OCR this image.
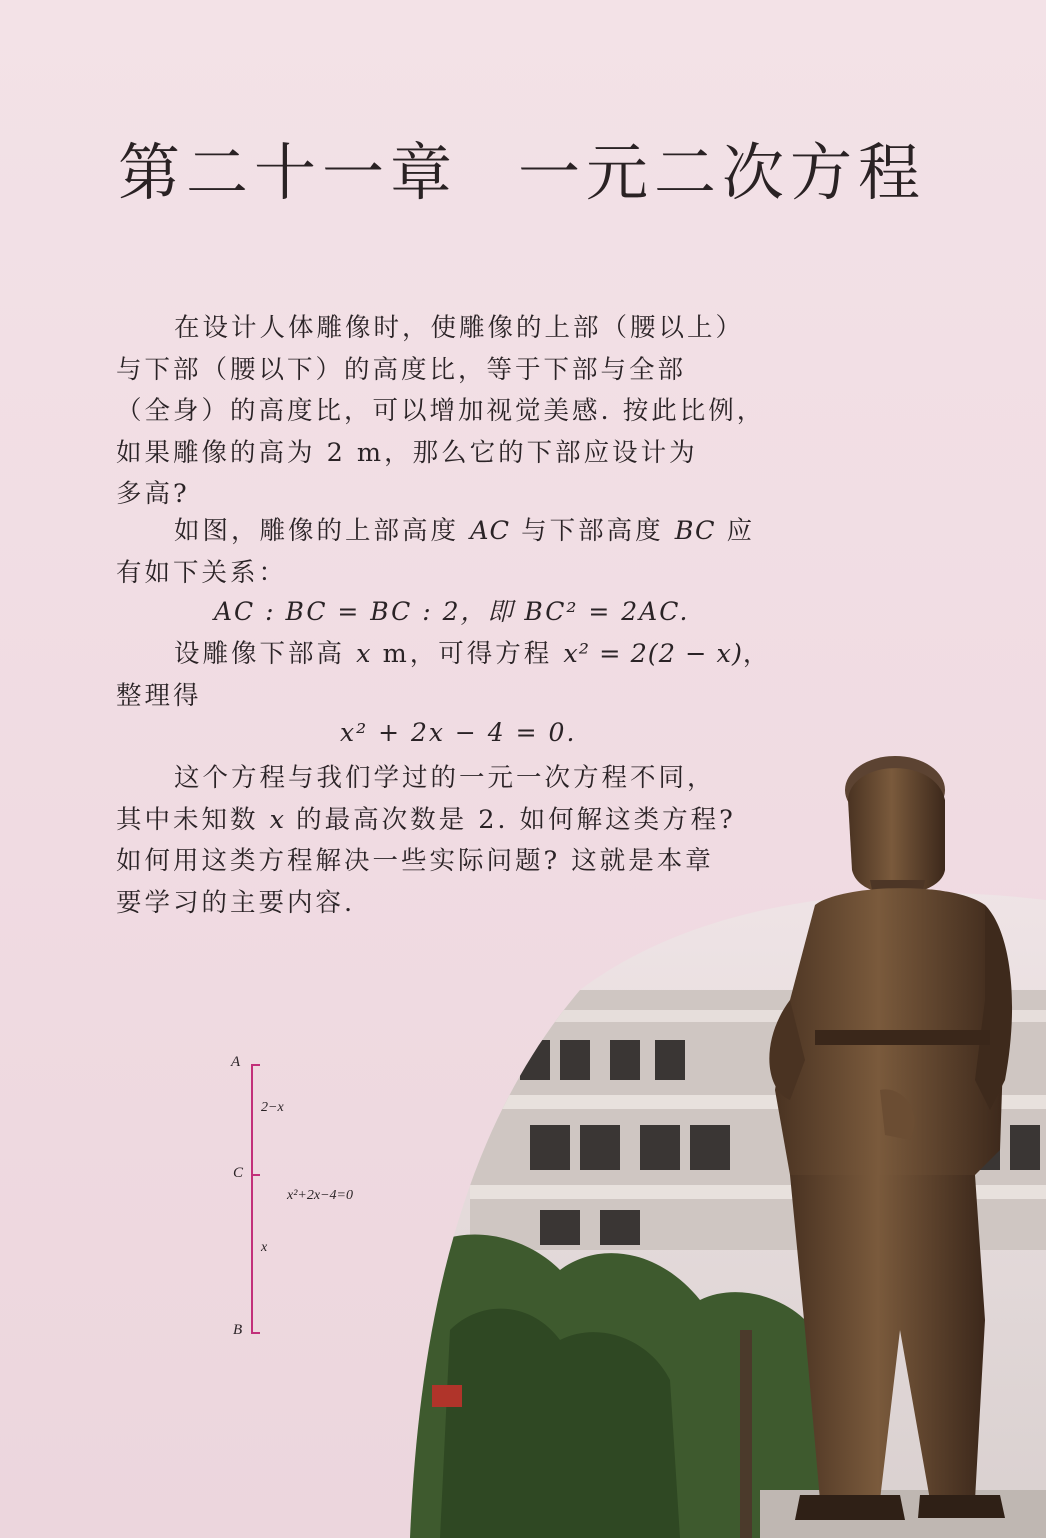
第二十一章 一元二次方程

在设计人体雕像时，使雕像的上部（腰以上）
与下部（腰以下）的高度比，等于下部与全部
（全身）的高度比，可以增加视觉美感. 按此比例，
如果雕像的高为 2 m，那么它的下部应设计为
多高?

如图，雕像的上部高度 AC 与下部高度 BC 应
有如下关系：

AC : BC = BC : 2，即 BC² = 2AC.

设雕像下部高 x m，可得方程 x² = 2(2 − x)，
整理得

x² + 2x − 4 = 0.

这个方程与我们学过的一元一次方程不同，
其中未知数 x 的最高次数是 2. 如何解这类方程?
如何用这类方程解决一些实际问题? 这就是本章
要学习的主要内容.

A
C
B
2−x
x
x²+2x−4=0
